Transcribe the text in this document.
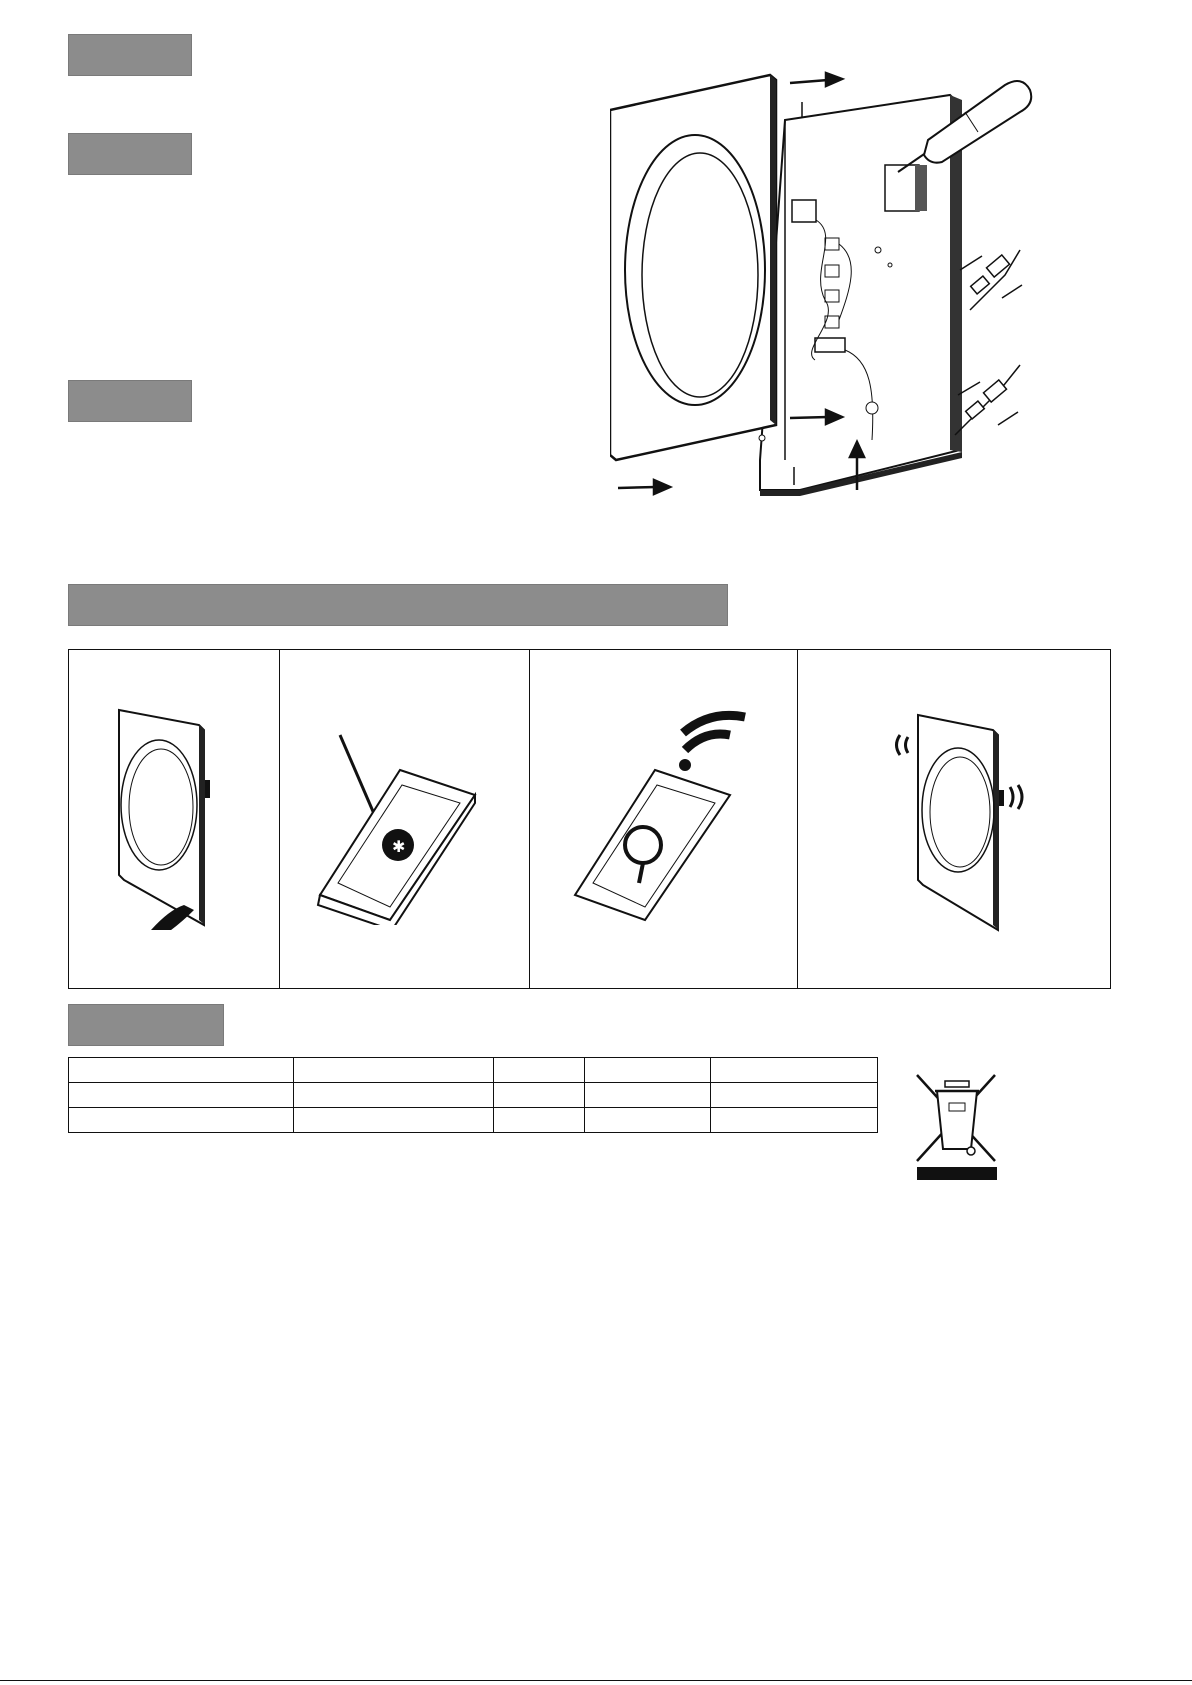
✱
